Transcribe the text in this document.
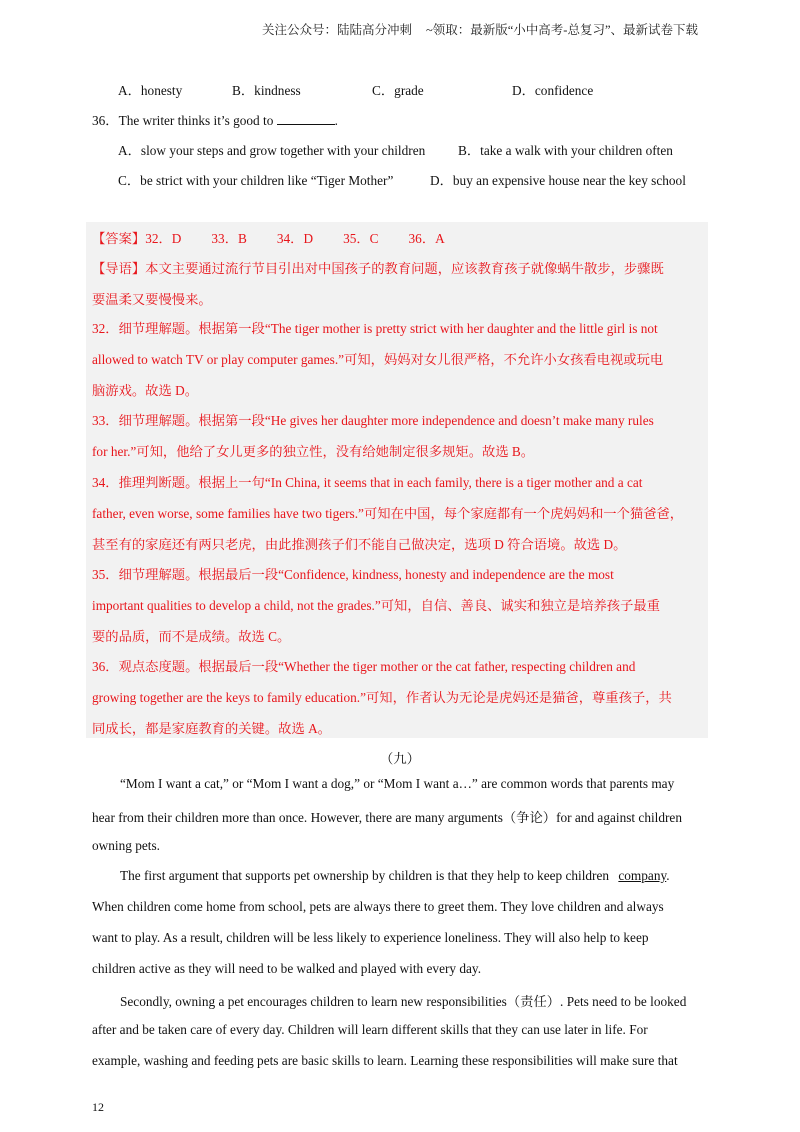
关注公众号：陆陆高分冲刺 ~领取：最新版“小中高考-总复习”、最新试卷下载
A．honesty	B．kindness	C．grade	D．confidence
36．The writer thinks it’s good to	.
A．slow your steps and grow together with your children B．take a walk with your children often
C．be strict with your children like “Tiger Mother”	D．buy an expensive house near the key school
【答案】32．D 33．B 34．D 35．C 36．A
【导语】本文主要通过流行节目引出对中国孩子的教育问题，应该教育孩子就像蜗牛散步，步骤既
要温柔又要慢慢来。
32．细节理解题。根据第一段“The tiger mother is pretty strict with her daughter and the little girl is not
allowed to watch TV or play computer games.”可知，妈妈对女儿很严格，不允许小女孩看电视或玩电
脑游戏。故选 D。
33．细节理解题。根据第一段“He gives her daughter more independence and doesn’t make many rules
for her.”可知，他给了女儿更多的独立性，没有给她制定很多规矩。故选 B。
34．推理判断题。根据上一句“In China, it seems that in each family, there is a tiger mother and a cat
father, even worse, some families have two tigers.”可知在中国，每个家庭都有一个虎妈妈和一个猫爸爸，
甚至有的家庭还有两只老虎，由此推测孩子们不能自己做决定，选项 D 符合语境。故选 D。
35．细节理解题。根据最后一段“Confidence, kindness, honesty and independence are the most
important qualities to develop a child, not the grades.”可知，自信、善良、诚实和独立是培养孩子最重
要的品质，而不是成绩。故选 C。
36．观点态度题。根据最后一段“Whether the tiger mother or the cat father, respecting children and
growing together are the keys to family education.”可知，作者认为无论是虎妈还是猫爸，尊重孩子，共
同成长，都是家庭教育的关键。故选 A。
（九）
“Mom I want a cat,” or “Mom I want a dog,” or “Mom I want a…” are common words that parents may
hear from their children more than once. However, there are many arguments（争论）for and against children
owning pets.
The first argument that supports pet ownership by children is that they help to keep children company.
When children come home from school, pets are always there to greet them. They love children and always
want to play. As a result, children will be less likely to experience loneliness. They will also help to keep
children active as they will need to be walked and played with every day.
Secondly, owning a pet encourages children to learn new responsibilities（责任）. Pets need to be looked
after and be taken care of every day. Children will learn different skills that they can use later in life. For
example, washing and feeding pets are basic skills to learn. Learning these responsibilities will make sure that
12
